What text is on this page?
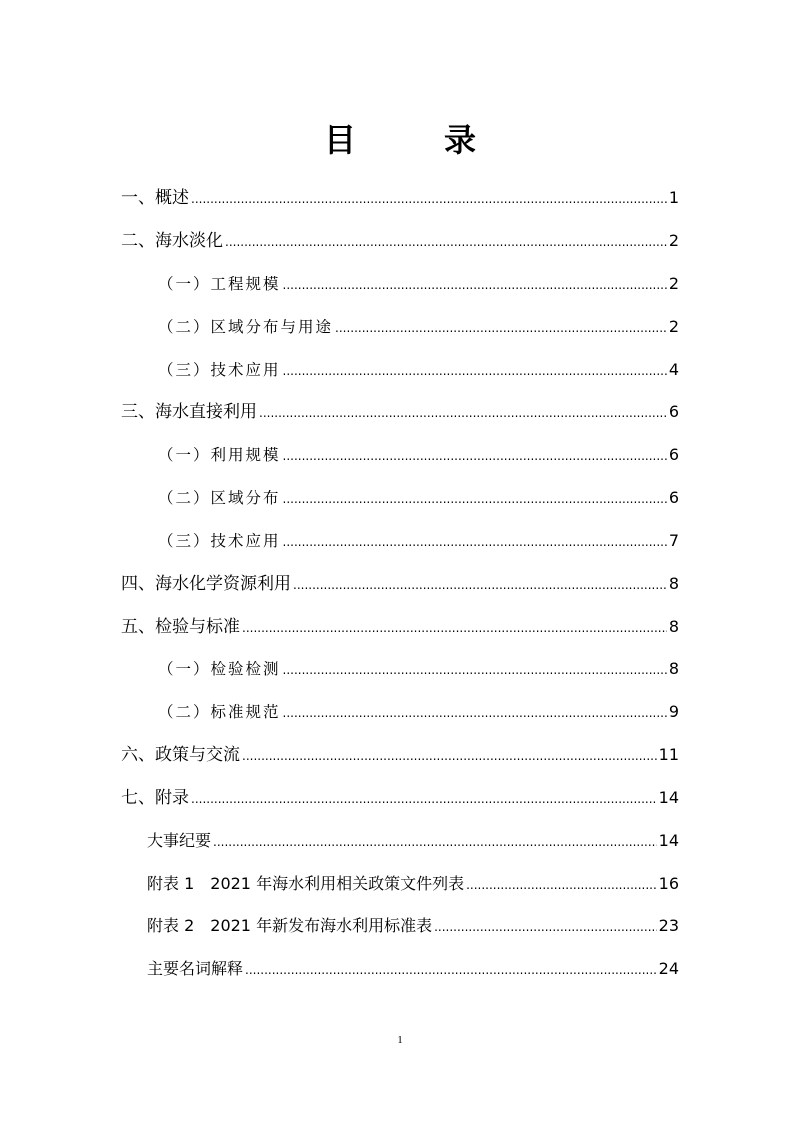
目　录
一、概述 .....	1
二、海水淡化 .....	2
（一）工程规模 .....	2
（二）区域分布与用途 .....	2
（三）技术应用 .....	4
三、海水直接利用 .....	6
（一）利用规模 .....	6
（二）区域分布 .....	6
（三）技术应用 .....	7
四、海水化学资源利用 .....	8
五、检验与标准 .....	8
（一）检验检测 .....	8
（二）标准规范 .....	9
六、政策与交流 .....	11
七、附录 .....	14
大事纪要 .....	14
附表 1　2021 年海水利用相关政策文件列表 .....	16
附表 2　2021 年新发布海水利用标准表 .....	23
主要名词解释 .....	24
1
